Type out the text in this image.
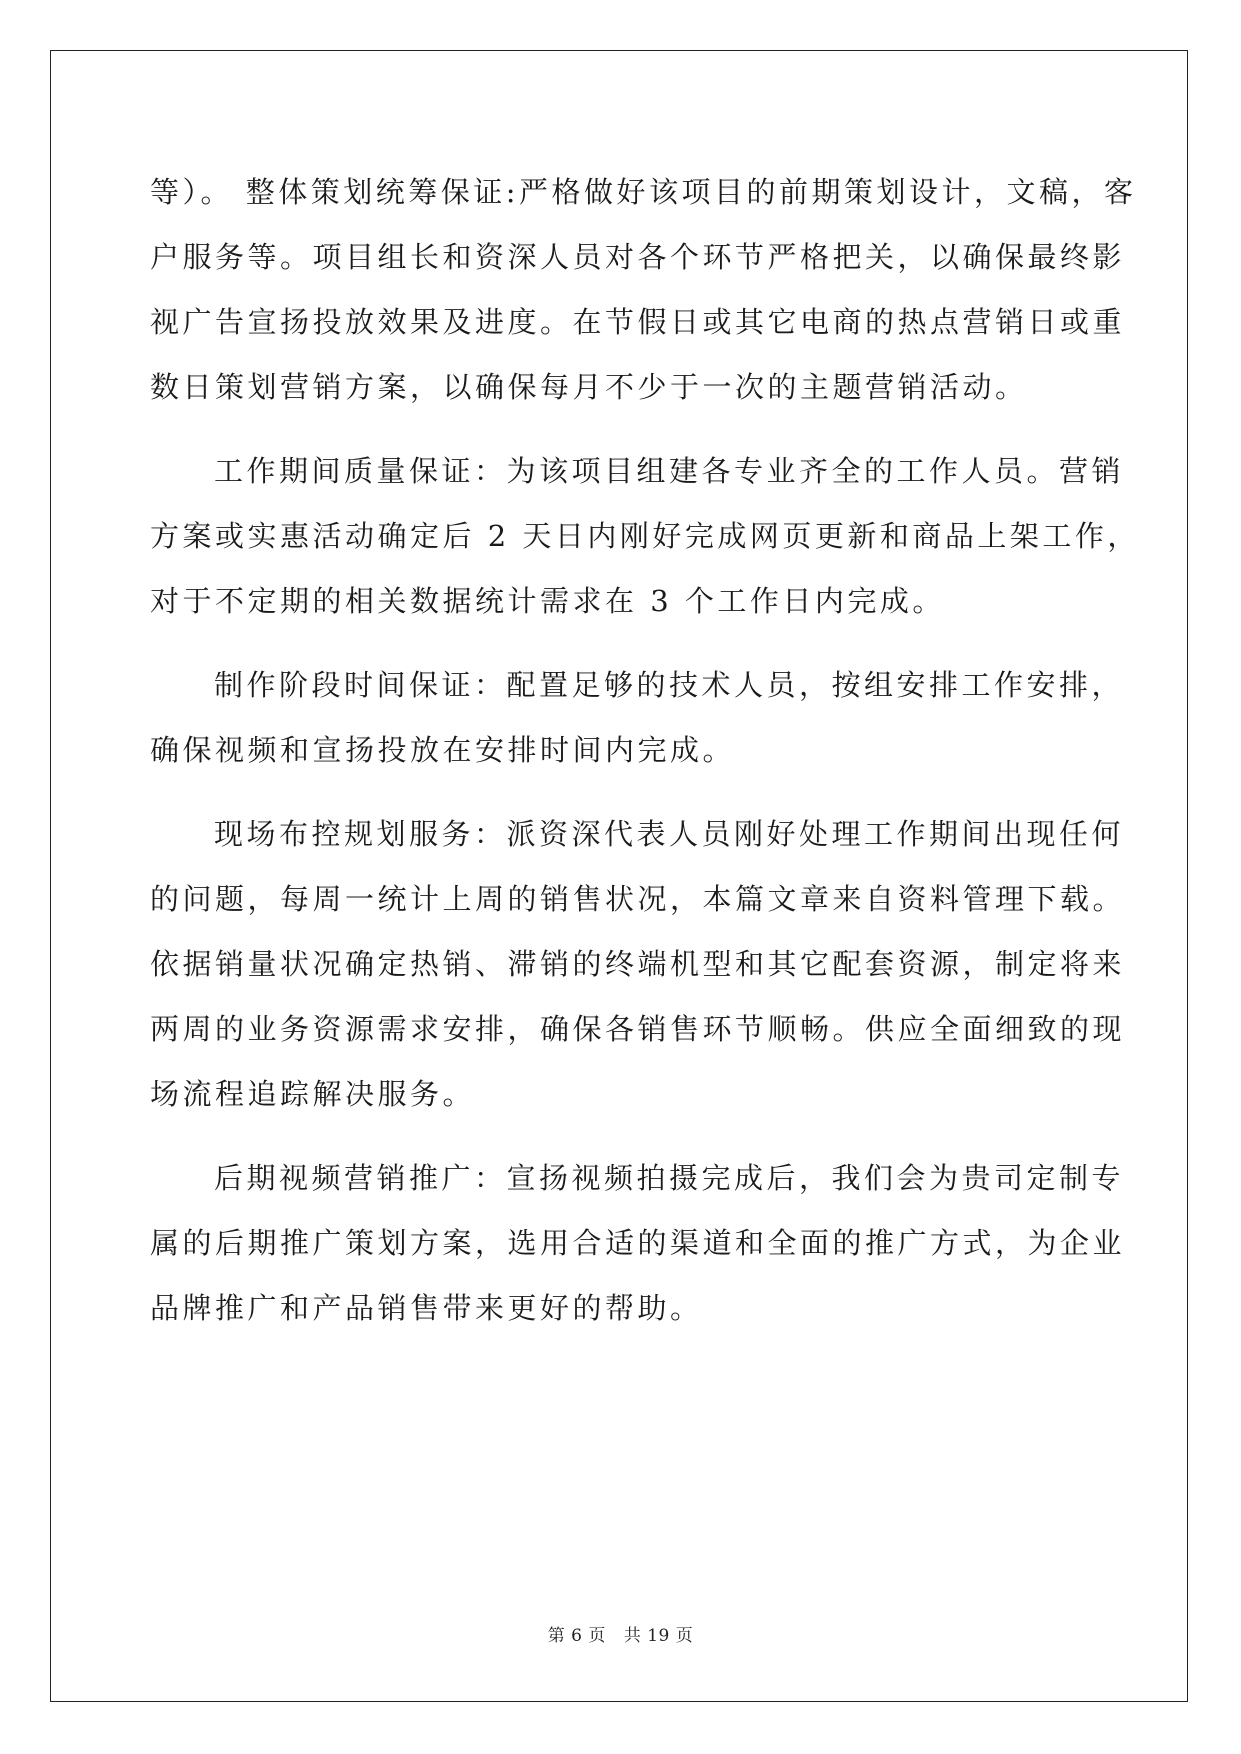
等）。 整体策划统筹保证:严格做好该项目的前期策划设计，文稿，客
户服务等。项目组长和资深人员对各个环节严格把关，以确保最终影
视广告宣扬投放效果及进度。在节假日或其它电商的热点营销日或重
数日策划营销方案，以确保每月不少于一次的主题营销活动。
工作期间质量保证：为该项目组建各专业齐全的工作人员。营销
方案或实惠活动确定后 2 天日内刚好完成网页更新和商品上架工作，
对于不定期的相关数据统计需求在 3 个工作日内完成。
制作阶段时间保证：配置足够的技术人员，按组安排工作安排，
确保视频和宣扬投放在安排时间内完成。
现场布控规划服务：派资深代表人员刚好处理工作期间出现任何
的问题，每周一统计上周的销售状况，本篇文章来自资料管理下载。
依据销量状况确定热销、滞销的终端机型和其它配套资源，制定将来
两周的业务资源需求安排，确保各销售环节顺畅。供应全面细致的现
场流程追踪解决服务。
后期视频营销推广：宣扬视频拍摄完成后，我们会为贵司定制专
属的后期推广策划方案，选用合适的渠道和全面的推广方式，为企业
品牌推广和产品销售带来更好的帮助。
第 6 页 共 19 页
